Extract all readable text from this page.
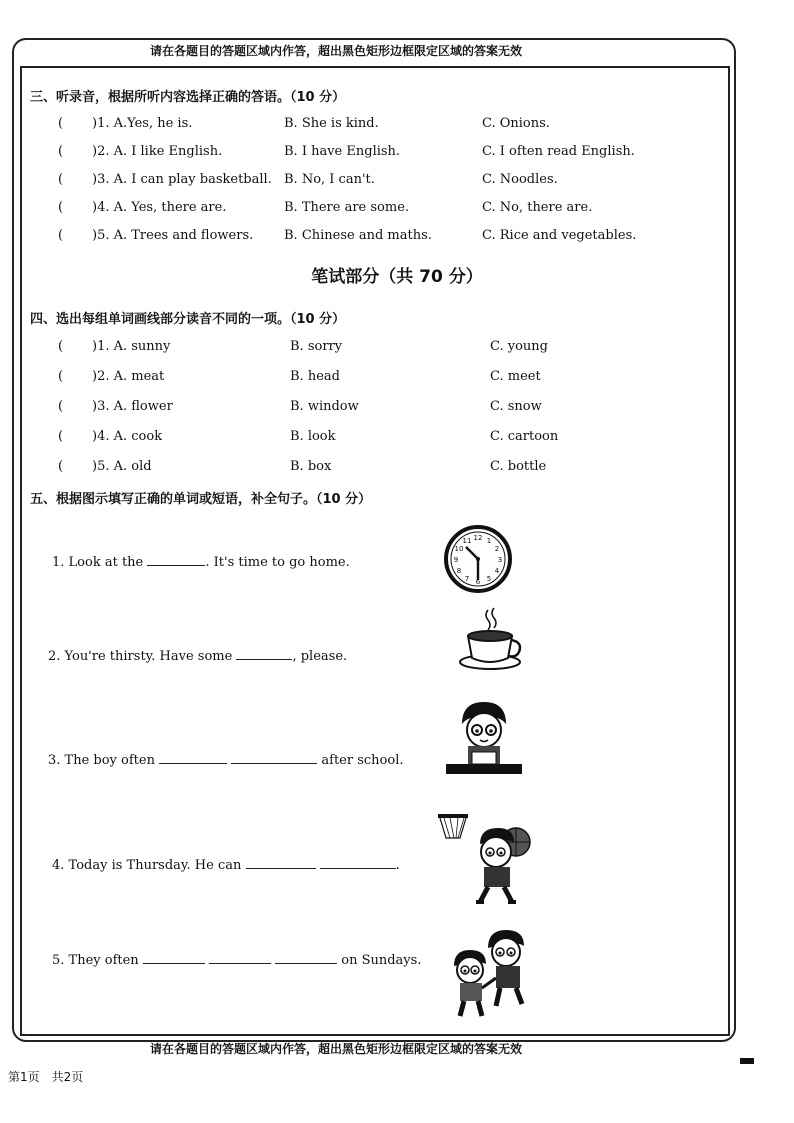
请在各题目的答题区域内作答，超出黑色矩形边框限定区域的答案无效
三、听录音，根据所听内容选择正确的答语。（10 分）
( )1. A.Yes, he is.	B. She is kind.	C. Onions.
( )2. A. I like English.	B. I have English.	C. I often read English.
( )3. A. I can play basketball. B. No, I can't.	C. Noodles.
( )4. A. Yes, there are.	B. There are some.	C. No, there are.
( )5. A. Trees and flowers. B. Chinese and maths.	C. Rice and vegetables.
笔试部分（共 70 分）
四、选出每组单词画线部分读音不同的一项。（10 分）
( )1. A. sunny	B. sorry	C. young
( )2. A. meat	B. head	C. meet
( )3. A. flower	B. window	C. snow
( )4. A. cook	B. look	C. cartoon
( )5. A. old	B. box	C. bottle
五、根据图示填写正确的单词或短语，补全句子。（10 分）
1. Look at the	. It's time to go home.
2. You're thirsty. Have some	, please.
3. The boy often	after school.
4. Today is Thursday. He can	.
5. They often	on Sundays.
12 1
2
3
4
5
6
7
8
9
10
11
请在各题目的答题区域内作答，超出黑色矩形边框限定区域的答案无效
第1页　共2页
